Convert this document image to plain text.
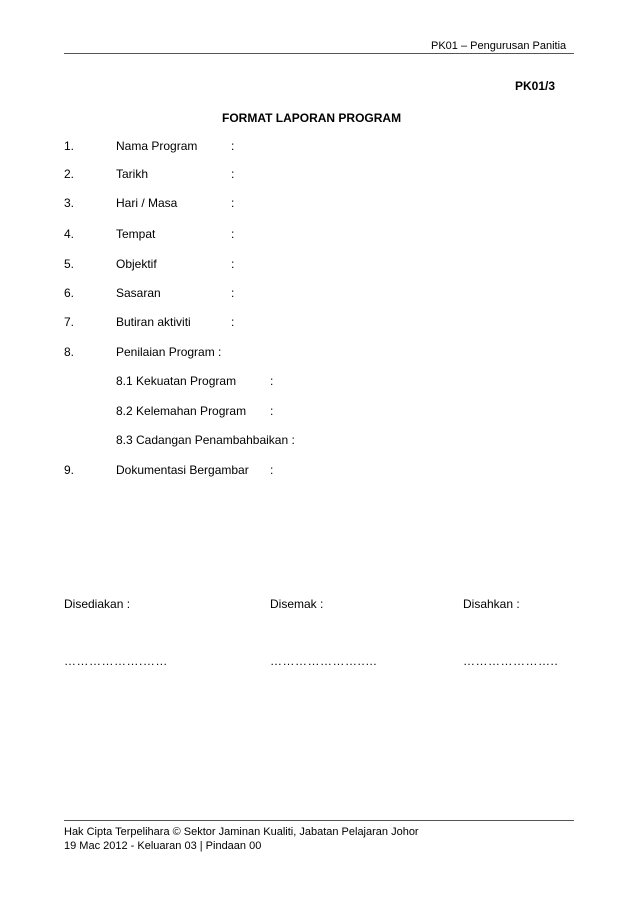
PK01 – Pengurusan Panitia
PK01/3
FORMAT LAPORAN PROGRAM
1.	Nama Program	:
2.	Tarikh	:
3.	Hari / Masa	:
4.	Tempat	:
5.	Objektif	:
6.	Sasaran	:
7.	Butiran aktiviti	:
8.	Penilaian Program :
8.1 Kekuatan Program	:
8.2 Kelemahan Program :
8.3 Cadangan Penambahbaikan :
9.	Dokumentasi Bergambar :
Disediakan :	Disemak :	Disahkan :
……………….……	…………………..…	…………………..
Hak Cipta Terpelihara © Sektor Jaminan Kualiti, Jabatan Pelajaran Johor
19 Mac 2012 - Keluaran 03 | Pindaan 00
